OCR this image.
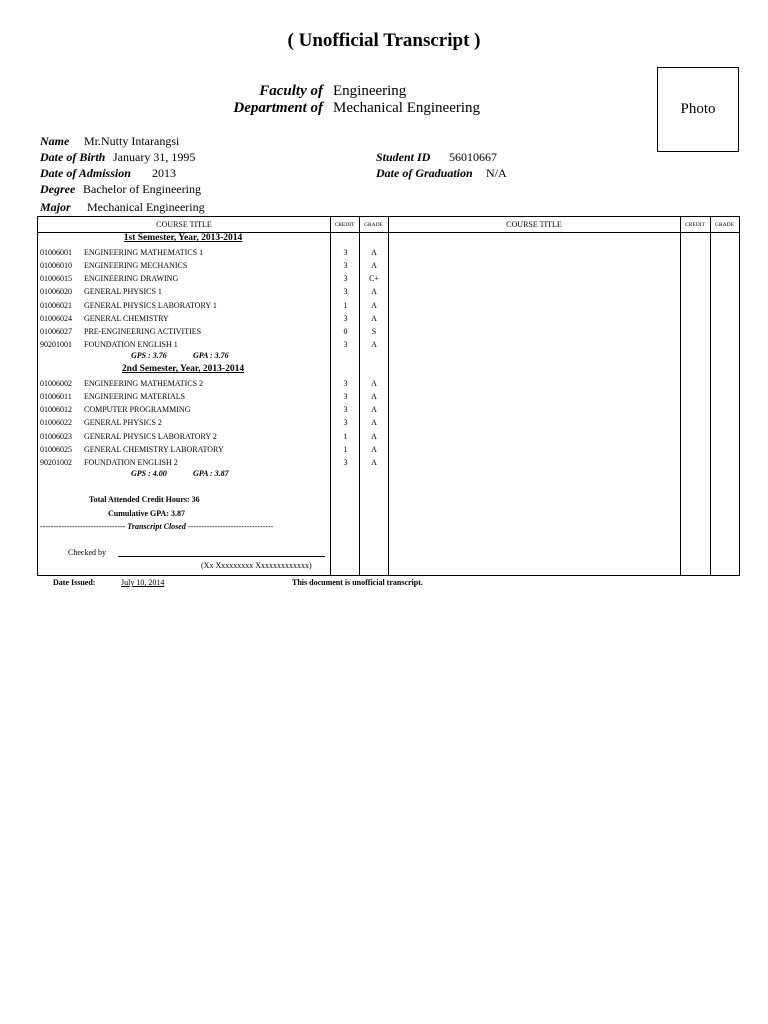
( Unofficial Transcript )
Faculty of Engineering
Department of Mechanical Engineering	Photo
Name Mr.Nutty Intarangsi
Date of Birth January 31, 1995
Date of Admission 2013
Degree Bachelor of Engineering
Major Mechanical Engineering
Student ID 56010667
Date of Graduation N/A
COURSE TITLE	CREDIT	GRADE	COURSE TITLE	CREDIT	GRADE
1st Semester, Year, 2013-2014
01006001 ENGINEERING MATHEMATICS 1	3	A
01006010 ENGINEERING MECHANICS	3	A
01006015 ENGINEERING DRAWING	3	C+
01006020 GENERAL PHYSICS 1	3	A
01006021 GENERAL PHYSICS LABORATORY 1	1	A
01006024 GENERAL CHEMISTRY	3	A
01006027 PRE-ENGINEERING ACTIVITIES	0	S
90201001 FOUNDATION ENGLISH 1	3	A
GPS : 3.76	GPA : 3.76
2nd Semester, Year, 2013-2014
01006002 ENGINEERING MATHEMATICS 2	3	A
01006011 ENGINEERING MATERIALS	3	A
01006012 COMPUTER PROGRAMMING	3	A
01006022 GENERAL PHYSICS 2	3	A
01006023 GENERAL PHYSICS LABORATORY 2	1	A
01006025 GENERAL CHEMISTRY LABORATORY	1	A
90201002 FOUNDATION ENGLISH 2	3	A
GPS : 4.00	GPA : 3.87
Total Attended Credit Hours: 36
Cumulative GPA: 3.87
-------------------------------- Transcript Closed --------------------------------
Checked by
(Xx Xxxxxxxxx Xxxxxxxxxxxxx)
Date Issued:	July 10, 2014	This document is unofficial transcript.
